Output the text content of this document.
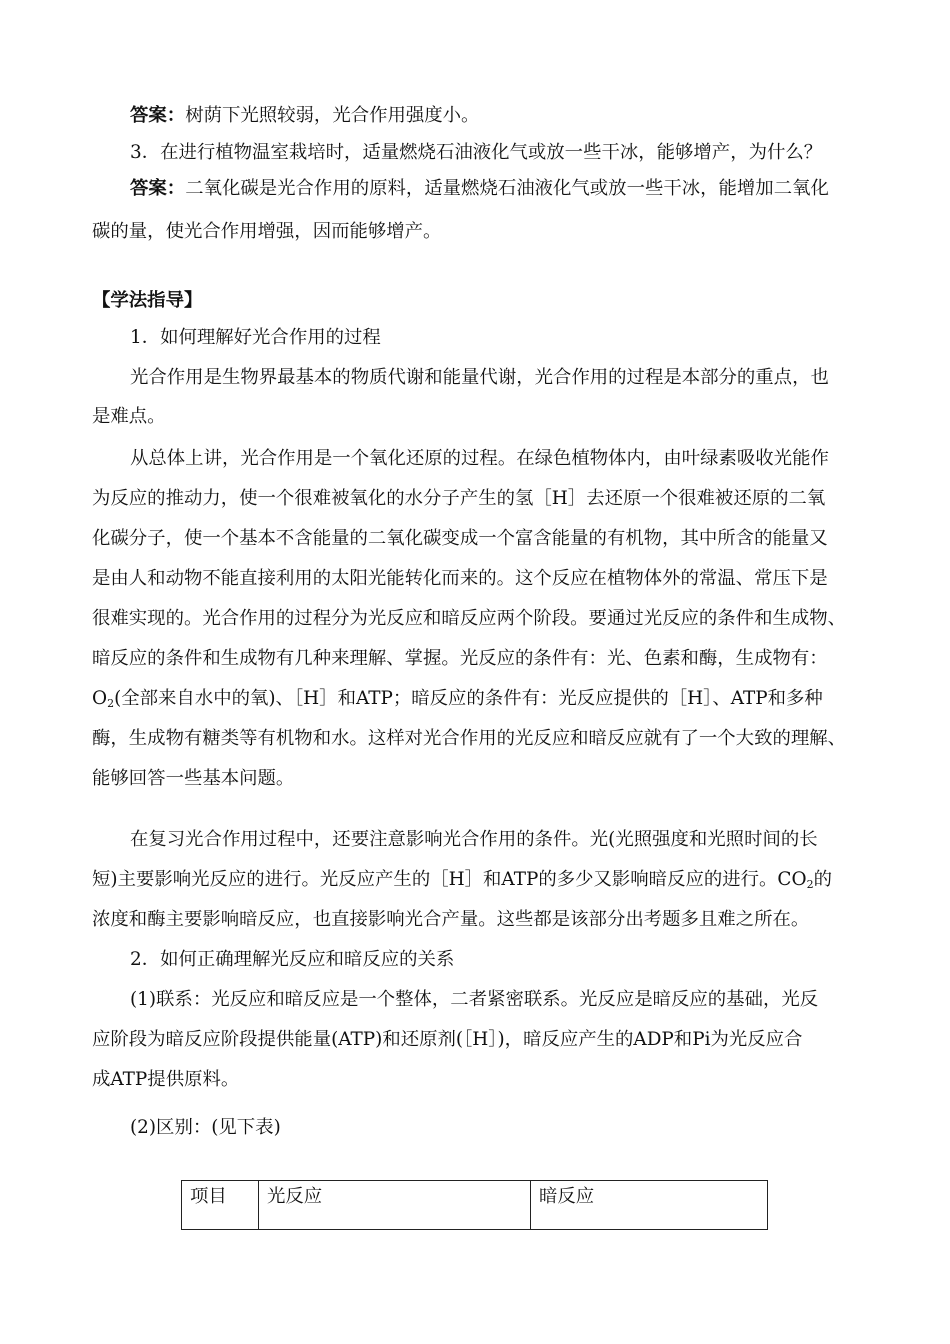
答案：树荫下光照较弱，光合作用强度小。

3．在进行植物温室栽培时，适量燃烧石油液化气或放一些干冰，能够增产，为什么？

答案：二氧化碳是光合作用的原料，适量燃烧石油液化气或放一些干冰，能增加二氧化

碳的量，使光合作用增强，因而能够增产。

【学法指导】

1．如何理解好光合作用的过程

光合作用是生物界最基本的物质代谢和能量代谢，光合作用的过程是本部分的重点，也

是难点。

从总体上讲，光合作用是一个氧化还原的过程。在绿色植物体内，由叶绿素吸收光能作

为反应的推动力，使一个很难被氧化的水分子产生的氢［H］去还原一个很难被还原的二氧

化碳分子，使一个基本不含能量的二氧化碳变成一个富含能量的有机物，其中所含的能量又

是由人和动物不能直接利用的太阳光能转化而来的。这个反应在植物体外的常温、常压下是

很难实现的。光合作用的过程分为光反应和暗反应两个阶段。要通过光反应的条件和生成物、

暗反应的条件和生成物有几种来理解、掌握。光反应的条件有：光、色素和酶，生成物有：

$O_2$(全部来自水中的氧)、［H］和ATP；暗反应的条件有：光反应提供的［H］、ATP和多种

酶，生成物有糖类等有机物和水。这样对光合作用的光反应和暗反应就有了一个大致的理解、

能够回答一些基本问题。

在复习光合作用过程中，还要注意影响光合作用的条件。光(光照强度和光照时间的长

短)主要影响光反应的进行。光反应产生的［H］和ATP的多少又影响暗反应的进行。$CO_2$的

浓度和酶主要影响暗反应，也直接影响光合产量。这些都是该部分出考题多且难之所在。

2．如何正确理解光反应和暗反应的关系

(1)联系：光反应和暗反应是一个整体，二者紧密联系。光反应是暗反应的基础，光反

应阶段为暗反应阶段提供能量(ATP)和还原剂(［H］)，暗反应产生的ADP和Pi为光反应合

成ATP提供原料。

(2)区别：(见下表)

项目	光反应	暗反应
